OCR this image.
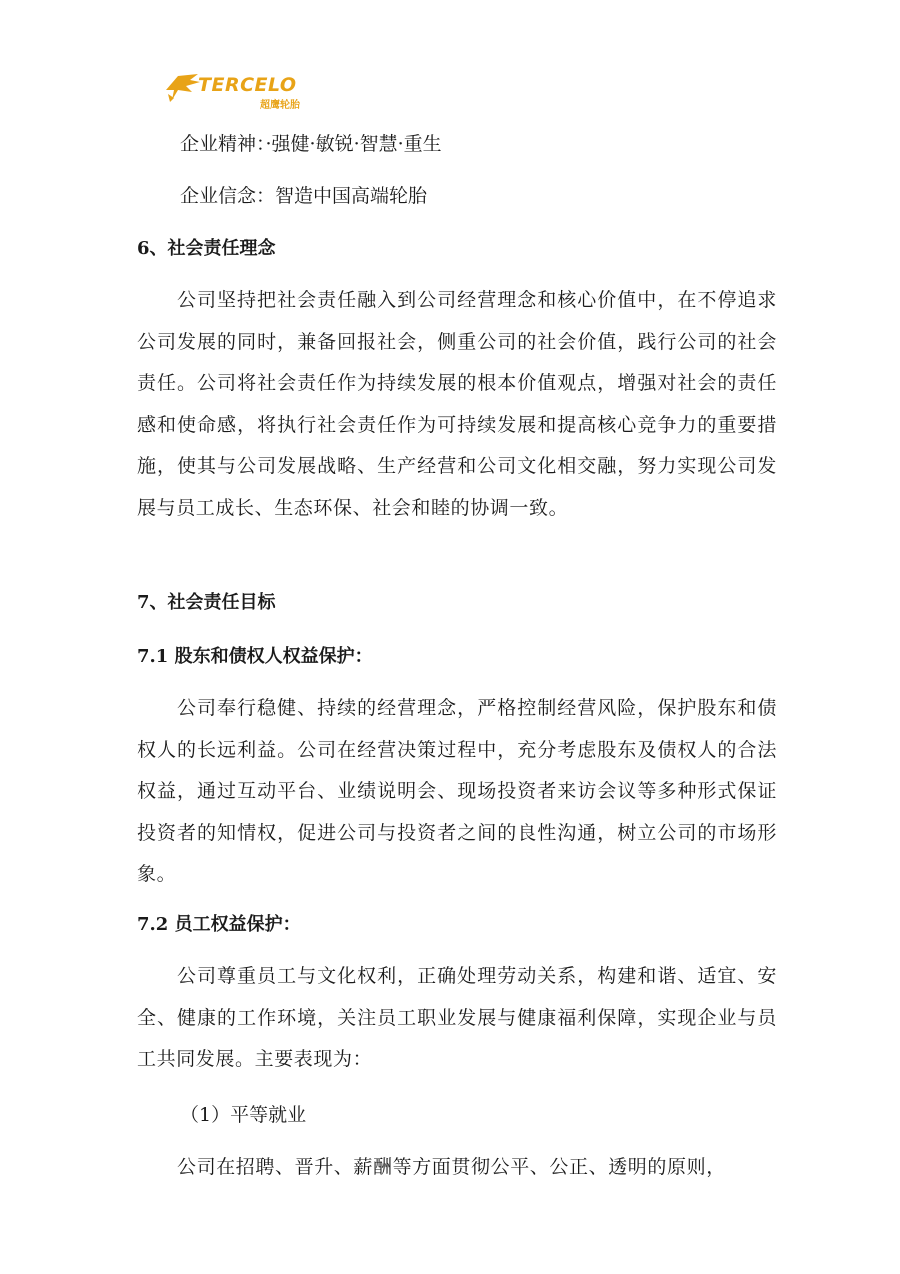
TERCELO
超鹰轮胎
企业精神：·强健·敏锐·智慧·重生
企业信念：智造中国高端轮胎
6、社会责任理念
公司坚持把社会责任融入到公司经营理念和核心价值中，在不停追求公司发展的同时，兼备回报社会，侧重公司的社会价值，践行公司的社会责任。公司将社会责任作为持续发展的根本价值观点，增强对社会的责任感和使命感，将执行社会责任作为可持续发展和提高核心竞争力的重要措施，使其与公司发展战略、生产经营和公司文化相交融，努力实现公司发展与员工成长、生态环保、社会和睦的协调一致。
7、社会责任目标
7.1 股东和债权人权益保护：
公司奉行稳健、持续的经营理念，严格控制经营风险，保护股东和债权人的长远利益。公司在经营决策过程中，充分考虑股东及债权人的合法权益，通过互动平台、业绩说明会、现场投资者来访会议等多种形式保证投资者的知情权，促进公司与投资者之间的良性沟通，树立公司的市场形象。
7.2 员工权益保护：
公司尊重员工与文化权利，正确处理劳动关系，构建和谐、适宜、安全、健康的工作环境，关注员工职业发展与健康福利保障，实现企业与员工共同发展。主要表现为：
（1）平等就业
公司在招聘、晋升、薪酬等方面贯彻公平、公正、透明的原则，
